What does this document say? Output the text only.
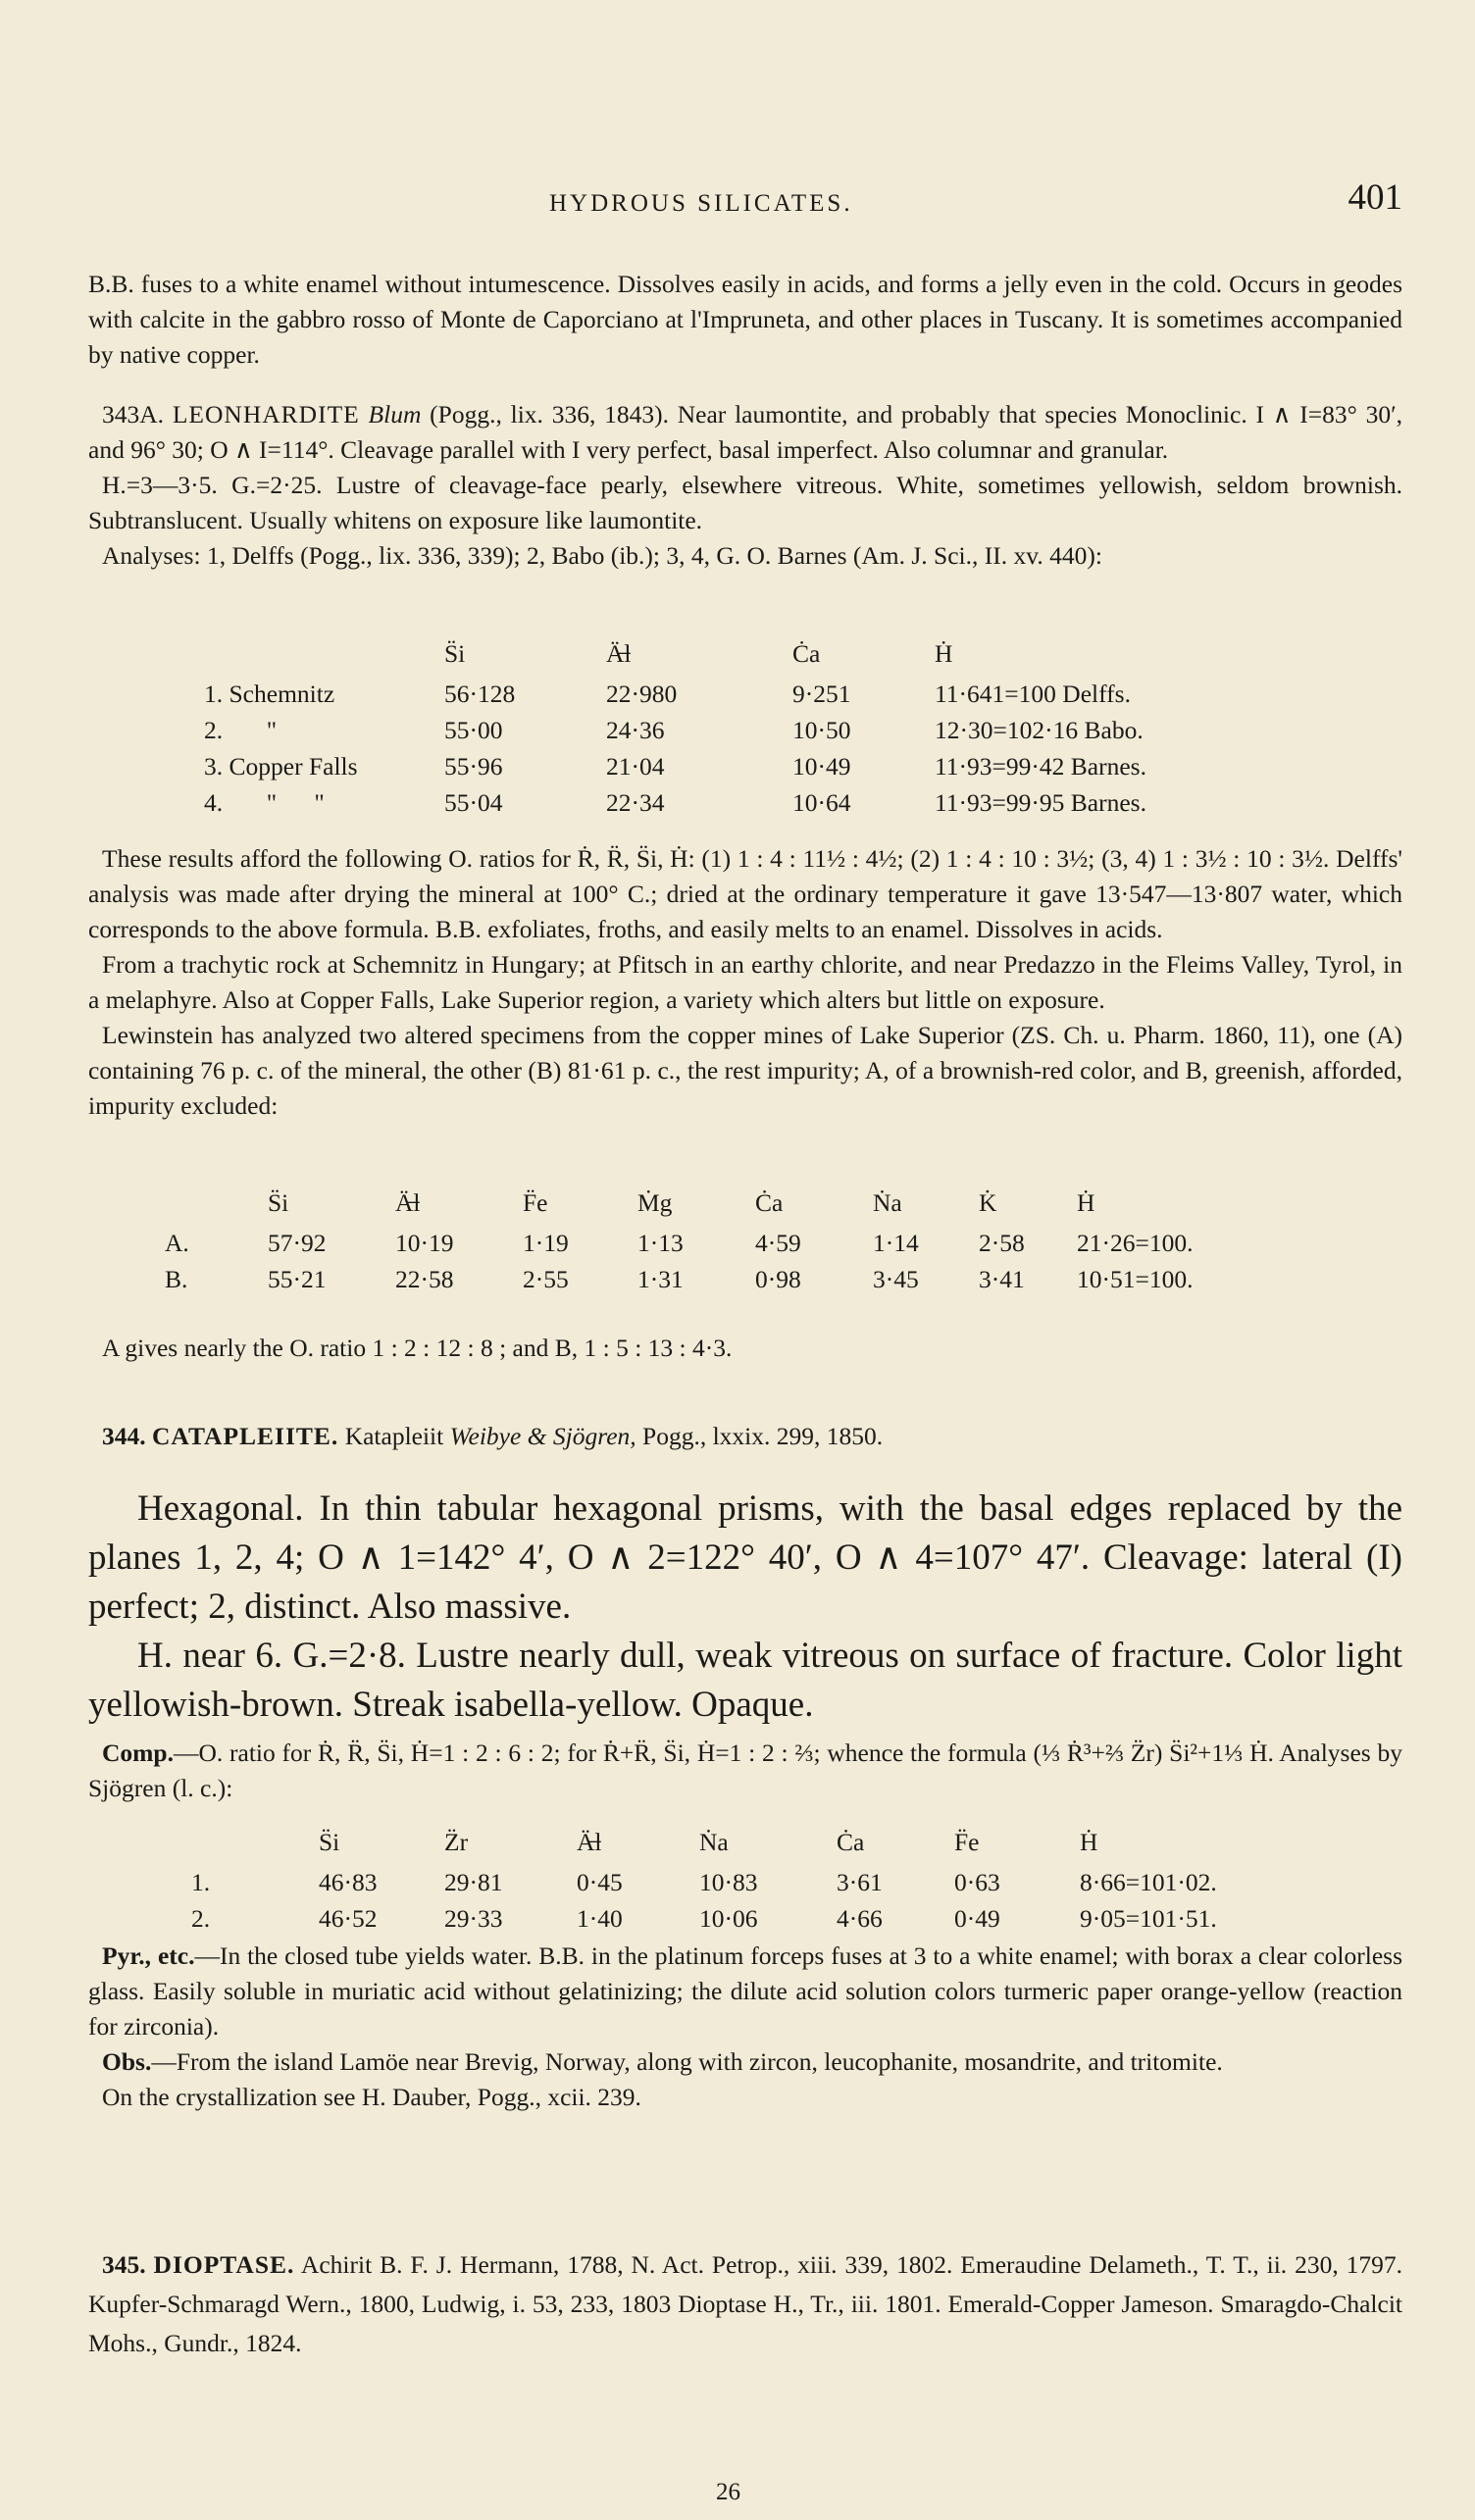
HYDROUS SILICATES.	401

B.B. fuses to a white enamel without intumescence. Dissolves easily in acids, and forms a jelly even in the cold. Occurs in geodes with calcite in the gabbro rosso of Monte de Caporciano at l'Impruneta, and other places in Tuscany. It is sometimes accompanied by native copper.

343A. LEONHARDITE Blum (Pogg., lix. 336, 1843). Near laumontite, and probably that species Monoclinic. I ∧ I=83° 30′, and 96° 30; O ∧ I=114°. Cleavage parallel with I very perfect, basal imperfect. Also columnar and granular.

H.=3—3·5. G.=2·25. Lustre of cleavage-face pearly, elsewhere vitreous. White, sometimes yellowish, seldom brownish. Subtranslucent. Usually whitens on exposure like laumontite.

Analyses: 1, Delffs (Pogg., lix. 336, 339); 2, Babo (ib.); 3, 4, G. O. Barnes (Am. J. Sci., II. xv. 440):

	S̈i	Ä̶l	Ċa	Ḣ
1. Schemnitz	56·128	22·980	9·251	11·641=100 Delffs.
2.       "	55·00	24·36	10·50	12·30=102·16 Babo.
3. Copper Falls	55·96	21·04	10·49	11·93=99·42 Barnes.
4.       "      "	55·04	22·34	10·64	11·93=99·95 Barnes.

These results afford the following O. ratios for Ṙ, R̈, S̈i, Ḣ: (1) 1 : 4 : 11½ : 4½; (2) 1 : 4 : 10 : 3½; (3, 4) 1 : 3½ : 10 : 3½. Delffs' analysis was made after drying the mineral at 100° C.; dried at the ordinary temperature it gave 13·547—13·807 water, which corresponds to the above formula. B.B. exfoliates, froths, and easily melts to an enamel. Dissolves in acids.

From a trachytic rock at Schemnitz in Hungary; at Pfitsch in an earthy chlorite, and near Predazzo in the Fleims Valley, Tyrol, in a melaphyre. Also at Copper Falls, Lake Superior region, a variety which alters but little on exposure.

Lewinstein has analyzed two altered specimens from the copper mines of Lake Superior (ZS. Ch. u. Pharm. 1860, 11), one (A) containing 76 p. c. of the mineral, the other (B) 81·61 p. c., the rest impurity; A, of a brownish-red color, and B, greenish, afforded, impurity excluded:

	S̈i	Ä̶l	F̈e	Ṁg	Ċa	Ṅa	K̇	Ḣ
A.	57·92	10·19	1·19	1·13	4·59	1·14	2·58	21·26=100.
B.	55·21	22·58	2·55	1·31	0·98	3·45	3·41	10·51=100.

A gives nearly the O. ratio 1 : 2 : 12 : 8 ; and B, 1 : 5 : 13 : 4·3.

344. CATAPLEIITE. Katapleiit Weibye & Sjögren, Pogg., lxxix. 299, 1850.

Hexagonal. In thin tabular hexagonal prisms, with the basal edges replaced by the planes 1, 2, 4; O ∧ 1=142° 4′, O ∧ 2=122° 40′, O ∧ 4=107° 47′. Cleavage: lateral (I) perfect; 2, distinct. Also massive.

H. near 6. G.=2·8. Lustre nearly dull, weak vitreous on surface of fracture. Color light yellowish-brown. Streak isabella-yellow. Opaque.

Comp.—O. ratio for Ṙ, R̈, S̈i, Ḣ=1 : 2 : 6 : 2; for Ṙ+R̈, S̈i, Ḣ=1 : 2 : ⅔; whence the formula (⅓ Ṙ³+⅔ Z̈r) S̈i²+1⅓ Ḣ. Analyses by Sjögren (l. c.):

	S̈i	Z̈r	Ä̶l	Ṅa	Ċa	F̈e	Ḣ
1.	46·83	29·81	0·45	10·83	3·61	0·63	8·66=101·02.
2.	46·52	29·33	1·40	10·06	4·66	0·49	9·05=101·51.

Pyr., etc.—In the closed tube yields water. B.B. in the platinum forceps fuses at 3 to a white enamel; with borax a clear colorless glass. Easily soluble in muriatic acid without gelatinizing; the dilute acid solution colors turmeric paper orange-yellow (reaction for zirconia).

Obs.—From the island Lamöe near Brevig, Norway, along with zircon, leucophanite, mosandrite, and tritomite.

On the crystallization see H. Dauber, Pogg., xcii. 239.

345. DIOPTASE. Achirit B. F. J. Hermann, 1788, N. Act. Petrop., xiii. 339, 1802. Emeraudine Delameth., T. T., ii. 230, 1797. Kupfer-Schmaragd Wern., 1800, Ludwig, i. 53, 233, 1803 Dioptase H., Tr., iii. 1801. Emerald-Copper Jameson. Smaragdo-Chalcit Mohs., Gundr., 1824.

26
